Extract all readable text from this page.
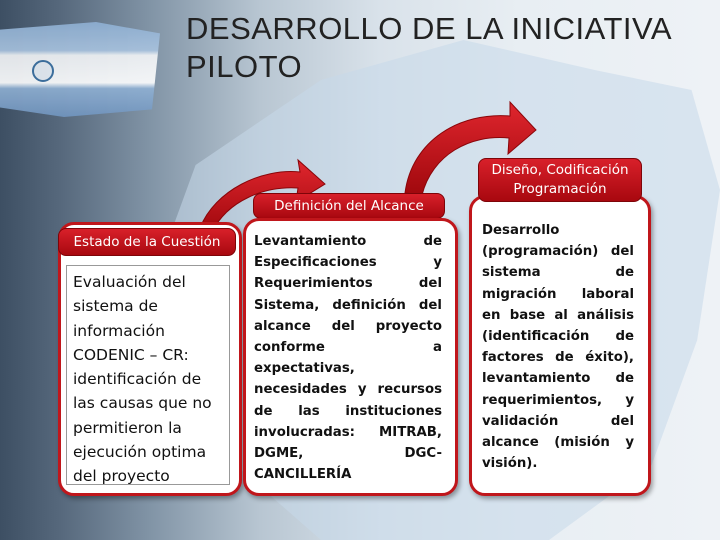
DESARROLLO DE LA INICIATIVA
PILOTO
Evaluación del sistema de información CODENIC – CR: identificación de las causas que no permitieron la ejecución optima del proyecto
Estado de la Cuestión
Definición del Alcance
Levantamiento de Especificaciones y Requerimientos del Sistema, definición del alcance del proyecto conforme a expectativas, necesidades y recursos de las instituciones involucradas: MITRAB, DGME, DGC-CANCILLERÍA
Desarrollo (programación) del sistema de migración laboral en base al análisis (identificación de factores de éxito), levantamiento de requerimientos, y validación del alcance (misión y visión).
Diseño, Codificación
Programación
